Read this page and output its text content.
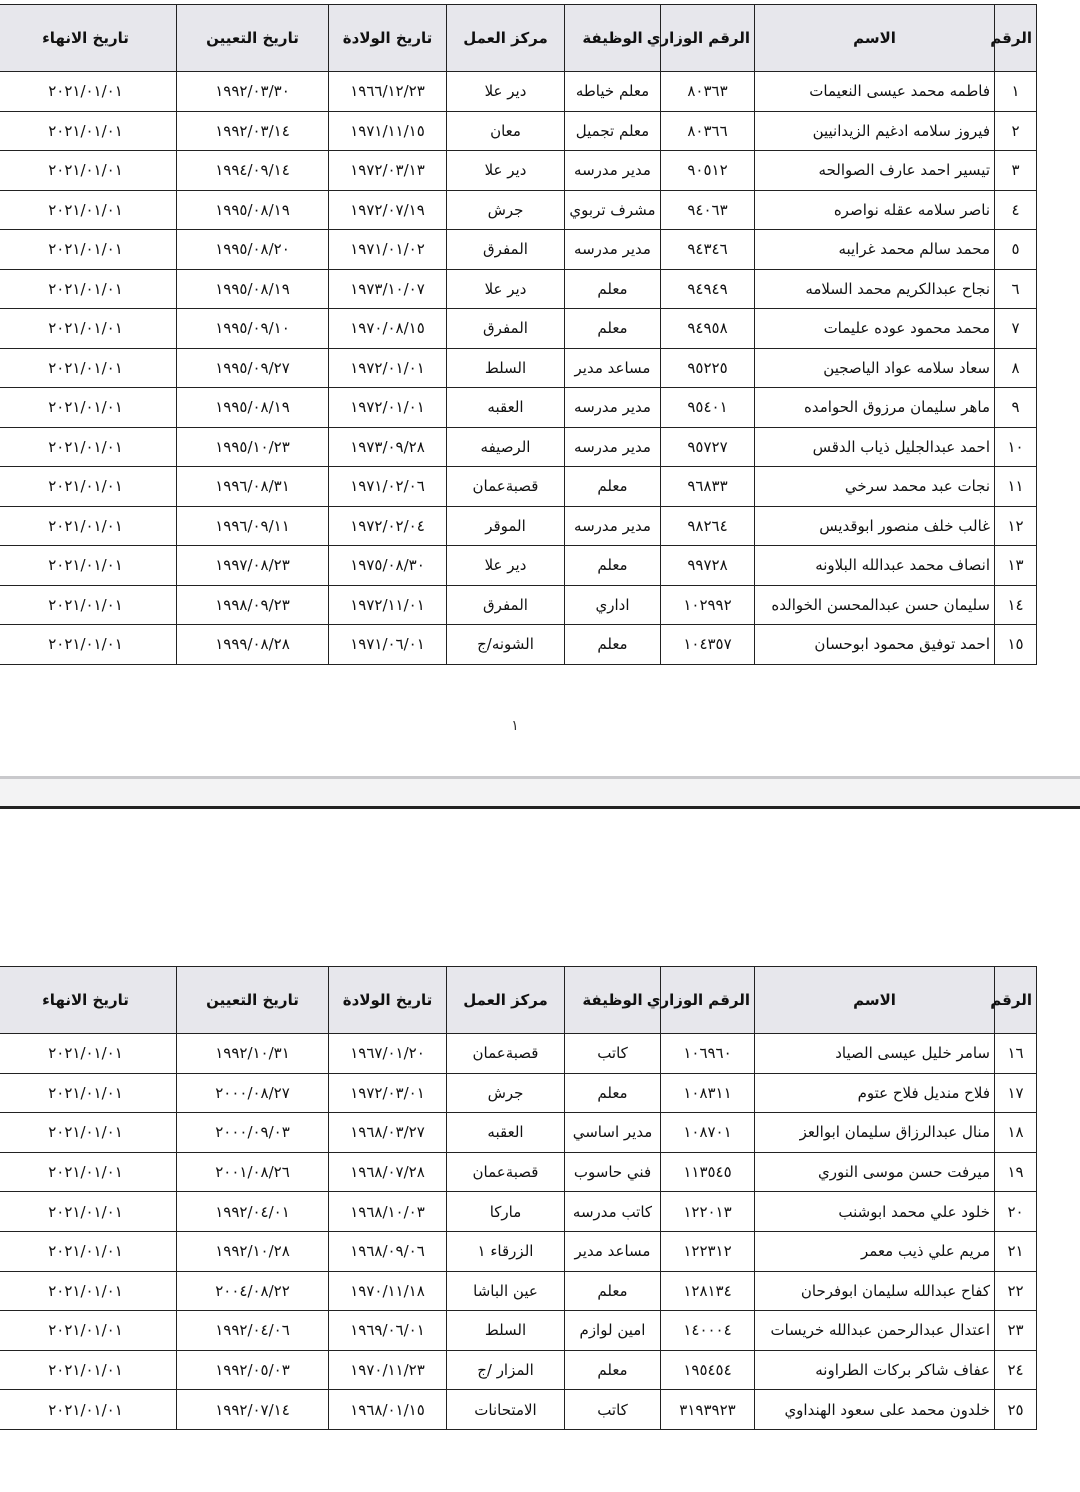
الرقم	الاسم	الرقم الوزاري	الوظيفة	مركز العمل	تاريخ الولادة	تاريخ التعيين	تاريخ الانهاء
١	فاطمه محمد عيسى النعيمات	٨٠٣٦٣	معلم خياطه	دير علا	١٩٦٦/١٢/٢٣	١٩٩٢/٠٣/٣٠	٢٠٢١/٠١/٠١
٢	فيروز سلامه ادغيم الزيدانيين	٨٠٣٦٦	معلم تجميل	معان	١٩٧١/١١/١٥	١٩٩٢/٠٣/١٤	٢٠٢١/٠١/٠١
٣	تيسير احمد عارف الصوالحه	٩٠٥١٢	مدير مدرسه	دير علا	١٩٧٢/٠٣/١٣	١٩٩٤/٠٩/١٤	٢٠٢١/٠١/٠١
٤	ناصر سلامه عقله نواصره	٩٤٠٦٣	مشرف تربوي	جرش	١٩٧٢/٠٧/١٩	١٩٩٥/٠٨/١٩	٢٠٢١/٠١/٠١
٥	محمد سالم محمد غرايبه	٩٤٣٤٦	مدير مدرسه	المفرق	١٩٧١/٠١/٠٢	١٩٩٥/٠٨/٢٠	٢٠٢١/٠١/٠١
٦	نجاح عبدالكريم محمد السلامه	٩٤٩٤٩	معلم	دير علا	١٩٧٣/١٠/٠٧	١٩٩٥/٠٨/١٩	٢٠٢١/٠١/٠١
٧	محمد محمود عوده عليمات	٩٤٩٥٨	معلم	المفرق	١٩٧٠/٠٨/١٥	١٩٩٥/٠٩/١٠	٢٠٢١/٠١/٠١
٨	سعاد سلامه عواد الياصجين	٩٥٢٢٥	مساعد مدير	السلط	١٩٧٢/٠١/٠١	١٩٩٥/٠٩/٢٧	٢٠٢١/٠١/٠١
٩	ماهر سليمان مرزوق الحوامده	٩٥٤٠١	مدير مدرسه	العقبه	١٩٧٢/٠١/٠١	١٩٩٥/٠٨/١٩	٢٠٢١/٠١/٠١
١٠	احمد عبدالجليل ذياب الدقس	٩٥٧٢٧	مدير مدرسه	الرصيفه	١٩٧٣/٠٩/٢٨	١٩٩٥/١٠/٢٣	٢٠٢١/٠١/٠١
١١	نجات عبد محمد سرخي	٩٦٨٣٣	معلم	قصبةعمان	١٩٧١/٠٢/٠٦	١٩٩٦/٠٨/٣١	٢٠٢١/٠١/٠١
١٢	غالب خلف منصور ابوقديس	٩٨٢٦٤	مدير مدرسه	الموقر	١٩٧٢/٠٢/٠٤	١٩٩٦/٠٩/١١	٢٠٢١/٠١/٠١
١٣	انصاف محمد عبدالله البلاونه	٩٩٧٢٨	معلم	دير علا	١٩٧٥/٠٨/٣٠	١٩٩٧/٠٨/٢٣	٢٠٢١/٠١/٠١
١٤	سليمان حسن عبدالمحسن الخوالده	١٠٢٩٩٢	اداري	المفرق	١٩٧٢/١١/٠١	١٩٩٨/٠٩/٢٣	٢٠٢١/٠١/٠١
١٥	احمد توفيق محمود ابوحسان	١٠٤٣٥٧	معلم	الشونه/ج	١٩٧١/٠٦/٠١	١٩٩٩/٠٨/٢٨	٢٠٢١/٠١/٠١
١
الرقم	الاسم	الرقم الوزاري	الوظيفة	مركز العمل	تاريخ الولادة	تاريخ التعيين	تاريخ الانهاء
١٦	سامر خليل عيسى الصياد	١٠٦٩٦٠	كاتب	قصبةعمان	١٩٦٧/٠١/٢٠	١٩٩٢/١٠/٣١	٢٠٢١/٠١/٠١
١٧	فلاح منديل فلاح عتوم	١٠٨٣١١	معلم	جرش	١٩٧٢/٠٣/٠١	٢٠٠٠/٠٨/٢٧	٢٠٢١/٠١/٠١
١٨	منال عبدالرزاق سليمان ابوالعز	١٠٨٧٠١	مدير اساسي	العقبه	١٩٦٨/٠٣/٢٧	٢٠٠٠/٠٩/٠٣	٢٠٢١/٠١/٠١
١٩	ميرفت حسن موسى النوري	١١٣٥٤٥	فني حاسوب	قصبةعمان	١٩٦٨/٠٧/٢٨	٢٠٠١/٠٨/٢٦	٢٠٢١/٠١/٠١
٢٠	خلود علي محمد ابوشنب	١٢٢٠١٣	كاتب مدرسه	ماركا	١٩٦٨/١٠/٠٣	١٩٩٢/٠٤/٠١	٢٠٢١/٠١/٠١
٢١	مريم علي ذيب معمر	١٢٢٣١٢	مساعد مدير	الزرقاء ١	١٩٦٨/٠٩/٠٦	١٩٩٢/١٠/٢٨	٢٠٢١/٠١/٠١
٢٢	كفاح عبدالله سليمان ابوفرحان	١٢٨١٣٤	معلم	عين الباشا	١٩٧٠/١١/١٨	٢٠٠٤/٠٨/٢٢	٢٠٢١/٠١/٠١
٢٣	اعتدال عبدالرحمن عبدالله خريسات	١٤٠٠٠٤	امين لوازم	السلط	١٩٦٩/٠٦/٠١	١٩٩٢/٠٤/٠٦	٢٠٢١/٠١/٠١
٢٤	عفاف شاكر بركات الطراونه	١٩٥٤٥٤	معلم	المزار /ج	١٩٧٠/١١/٢٣	١٩٩٢/٠٥/٠٣	٢٠٢١/٠١/٠١
٢٥	خلدون محمد على سعود الهنداوي	٣١٩٣٩٢٣	كاتب	الامتحانات	١٩٦٨/٠١/١٥	١٩٩٢/٠٧/١٤	٢٠٢١/٠١/٠١
